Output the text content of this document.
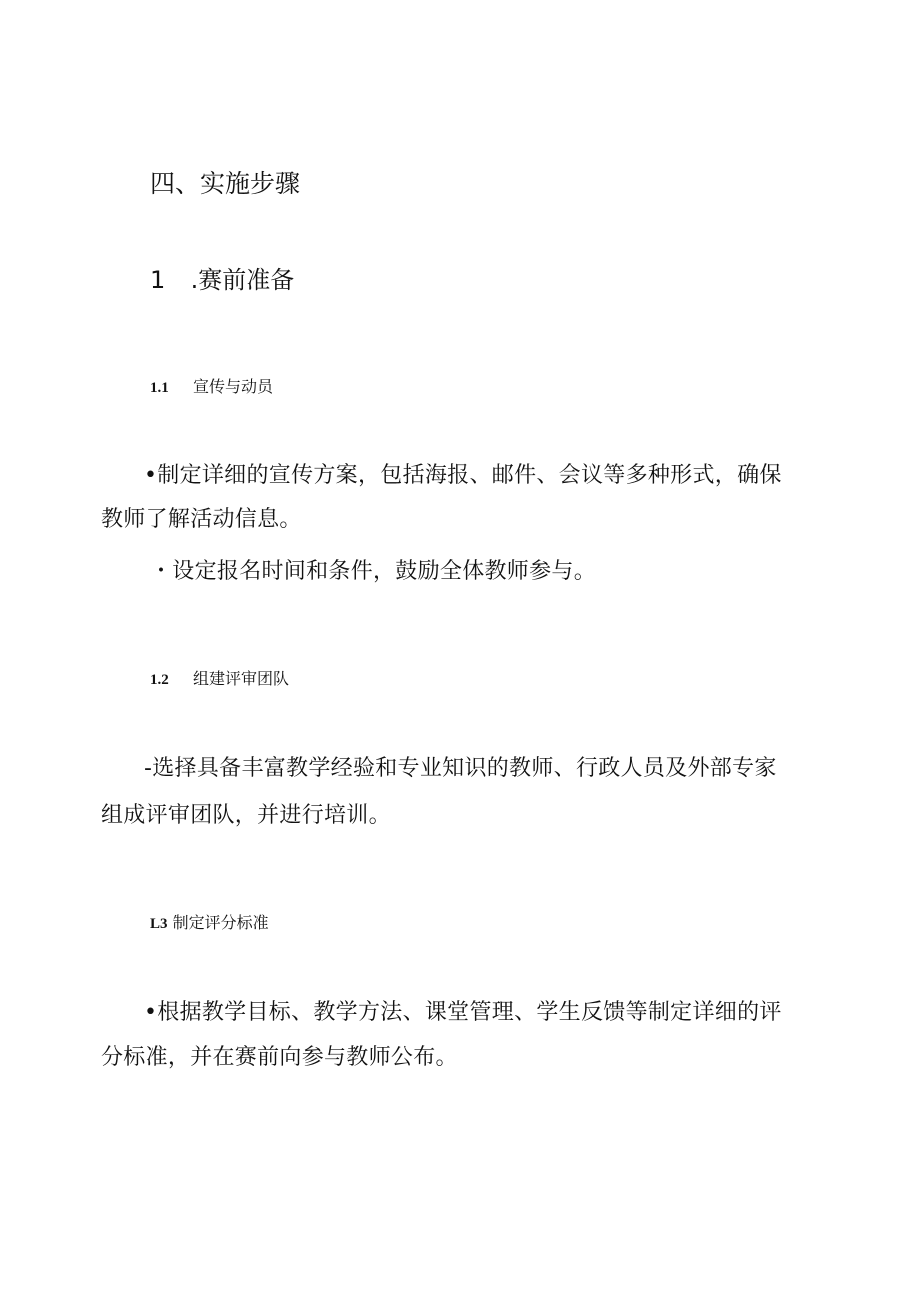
四、实施步骤
1 .赛前准备
1.1 宣传与动员
•制定详细的宣传方案，包括海报、邮件、会议等多种形式，确保
教师了解活动信息。
・设定报名时间和条件，鼓励全体教师参与。
1.2 组建评审团队
-选择具备丰富教学经验和专业知识的教师、行政人员及外部专家
组成评审团队，并进行培训。
L3 制定评分标准
•根据教学目标、教学方法、课堂管理、学生反馈等制定详细的评
分标准，并在赛前向参与教师公布。
